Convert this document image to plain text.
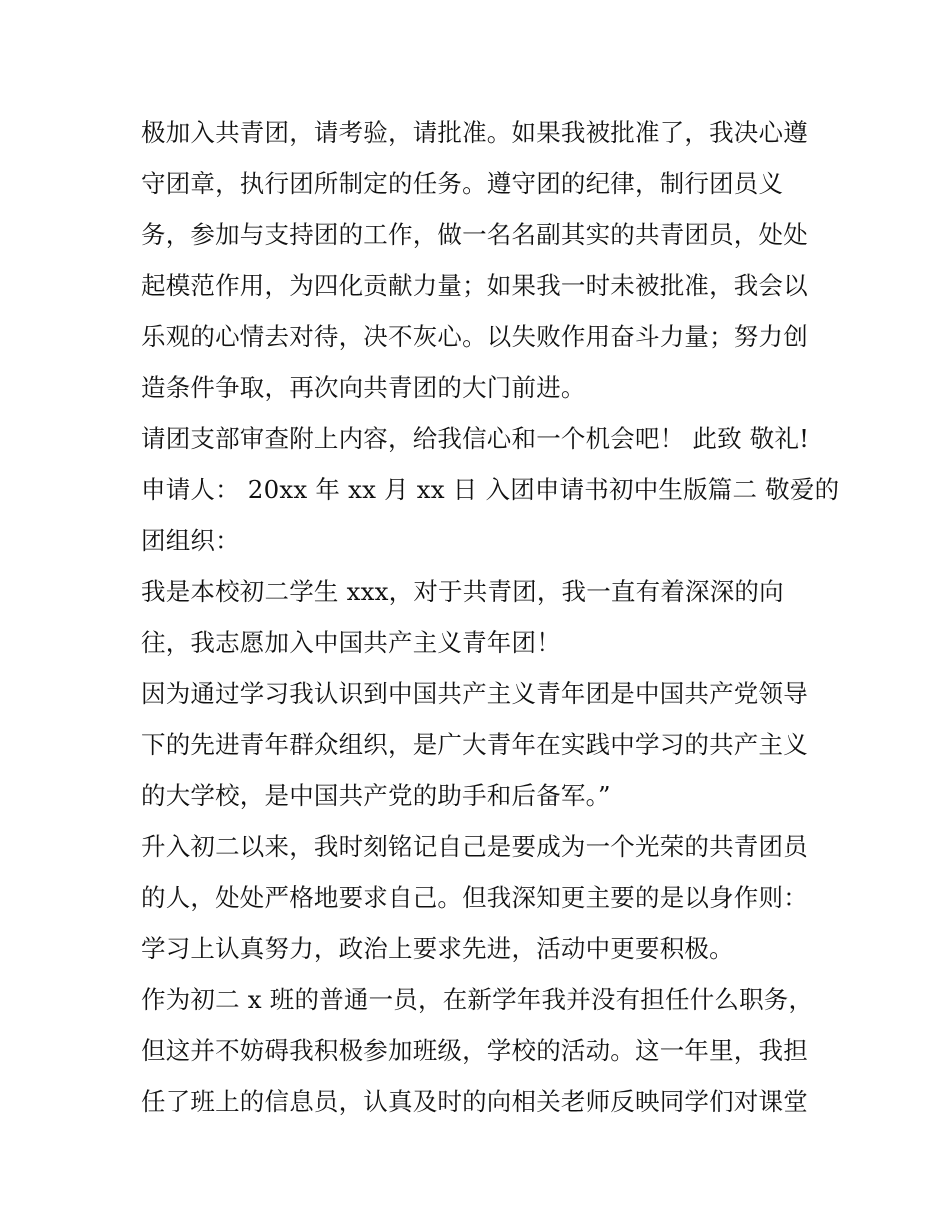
极加入共青团，请考验，请批准。如果我被批准了，我决心遵
守团章，执行团所制定的任务。遵守团的纪律，制行团员义
务，参加与支持团的工作，做一名名副其实的共青团员，处处
起模范作用，为四化贡献力量；如果我一时未被批准，我会以
乐观的心情去对待，决不灰心。以失败作用奋斗力量；努力创
造条件争取，再次向共青团的大门前进。
请团支部审查附上内容，给我信心和一个机会吧！ 此致 敬礼!
申请人： 20xx 年 xx 月 xx 日 入团申请书初中生版篇二 敬爱的
团组织：
我是本校初二学生 xxx，对于共青团，我一直有着深深的向
往，我志愿加入中国共产主义青年团！
因为通过学习我认识到中国共产主义青年团是中国共产党领导
下的先进青年群众组织，是广大青年在实践中学习的共产主义
的大学校，是中国共产党的助手和后备军。”
升入初二以来，我时刻铭记自己是要成为一个光荣的共青团员
的人，处处严格地要求自己。但我深知更主要的是以身作则：
学习上认真努力，政治上要求先进，活动中更要积极。
作为初二 x 班的普通一员，在新学年我并没有担任什么职务，
但这并不妨碍我积极参加班级，学校的活动。这一年里，我担
任了班上的信息员，认真及时的向相关老师反映同学们对课堂
